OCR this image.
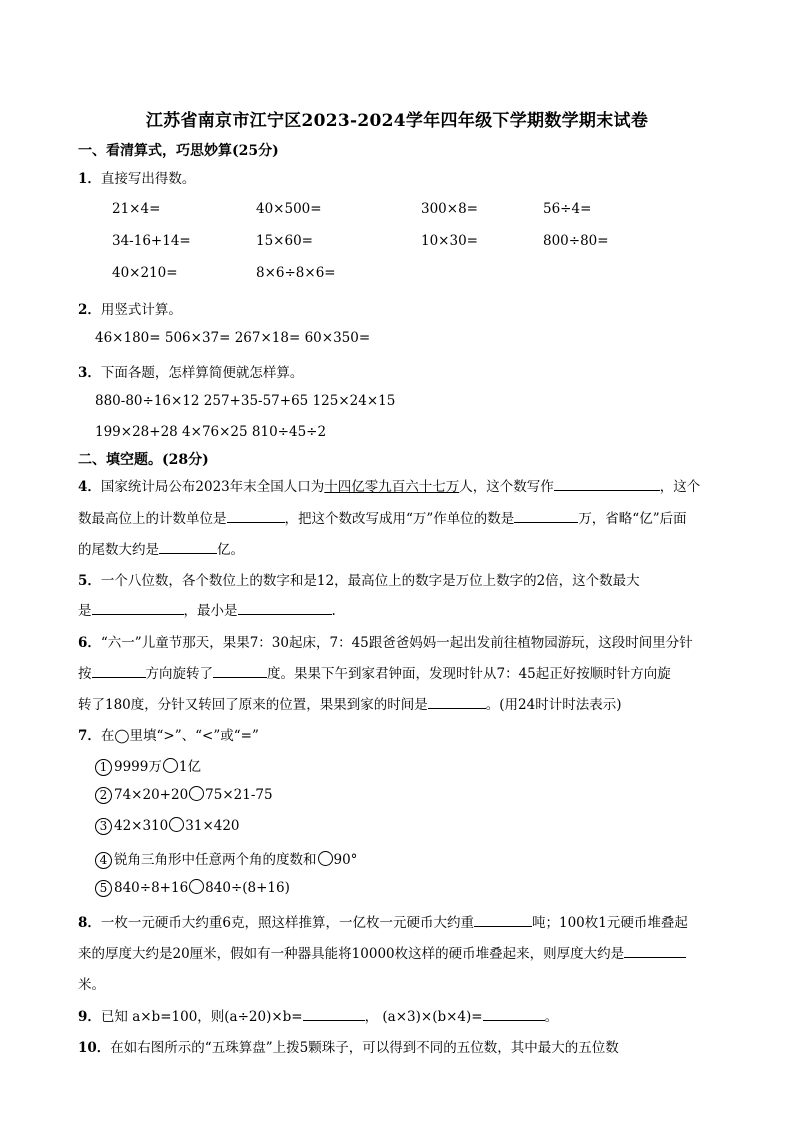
江苏省南京市江宁区2023-2024学年四年级下学期数学期末试卷
一、看清算式，巧思妙算(25分)
1．直接写出得数。
21×4=	40×500=	300×8=	56÷4=
34-16+14=	15×60=	10×30=	800÷80=
40×210=	8×6÷8×6=
2．用竖式计算。
46×180= 506×37= 267×18= 60×350=
3．下面各题，怎样算简便就怎样算。
880-80÷16×12 257+35-57+65 125×24×15
199×28+28 4×76×25 810÷45÷2
二、填空题。(28分)
4．国家统计局公布2023年末全国人口为十四亿零九百六十七万人，这个数写作	，这个
数最高位上的计数单位是	，把这个数改写成用“万”作单位的数是	万，省略“亿”后面
的尾数大约是	亿。
5．一个八位数，各个数位上的数字和是12，最高位上的数字是万位上数字的2倍，这个数最大
是	，最小是	.
6．“六一”儿童节那天，果果7：30起床，7：45跟爸爸妈妈一起出发前往植物园游玩，这段时间里分针
按	方向旋转了	度。果果下午到家君钟面，发现时针从7：45起正好按顺时针方向旋
转了180度，分针又转回了原来的位置，果果到家的时间是	。(用24时计时法表示)
7．在◯里填“>”、“<”或“=”
1 9999万 1亿
2 74×20+20 75×21-75
3 42×310 31×420
4 锐角三角形中任意两个角的度数和 90°
5 840÷8+16 840÷(8+16)
8．一枚一元硬币大约重6克，照这样推算，一亿枚一元硬币大约重	吨；100枚1元硬币堆叠起
来的厚度大约是20厘米，假如有一种器具能将10000枚这样的硬币堆叠起来，则厚度大约是
米。
9．已知 a×b=100，则(a÷20)×b=	， (a×3)×(b×4)=	。
10．在如右图所示的“五珠算盘”上拨5颗珠子，可以得到不同的五位数，其中最大的五位数
